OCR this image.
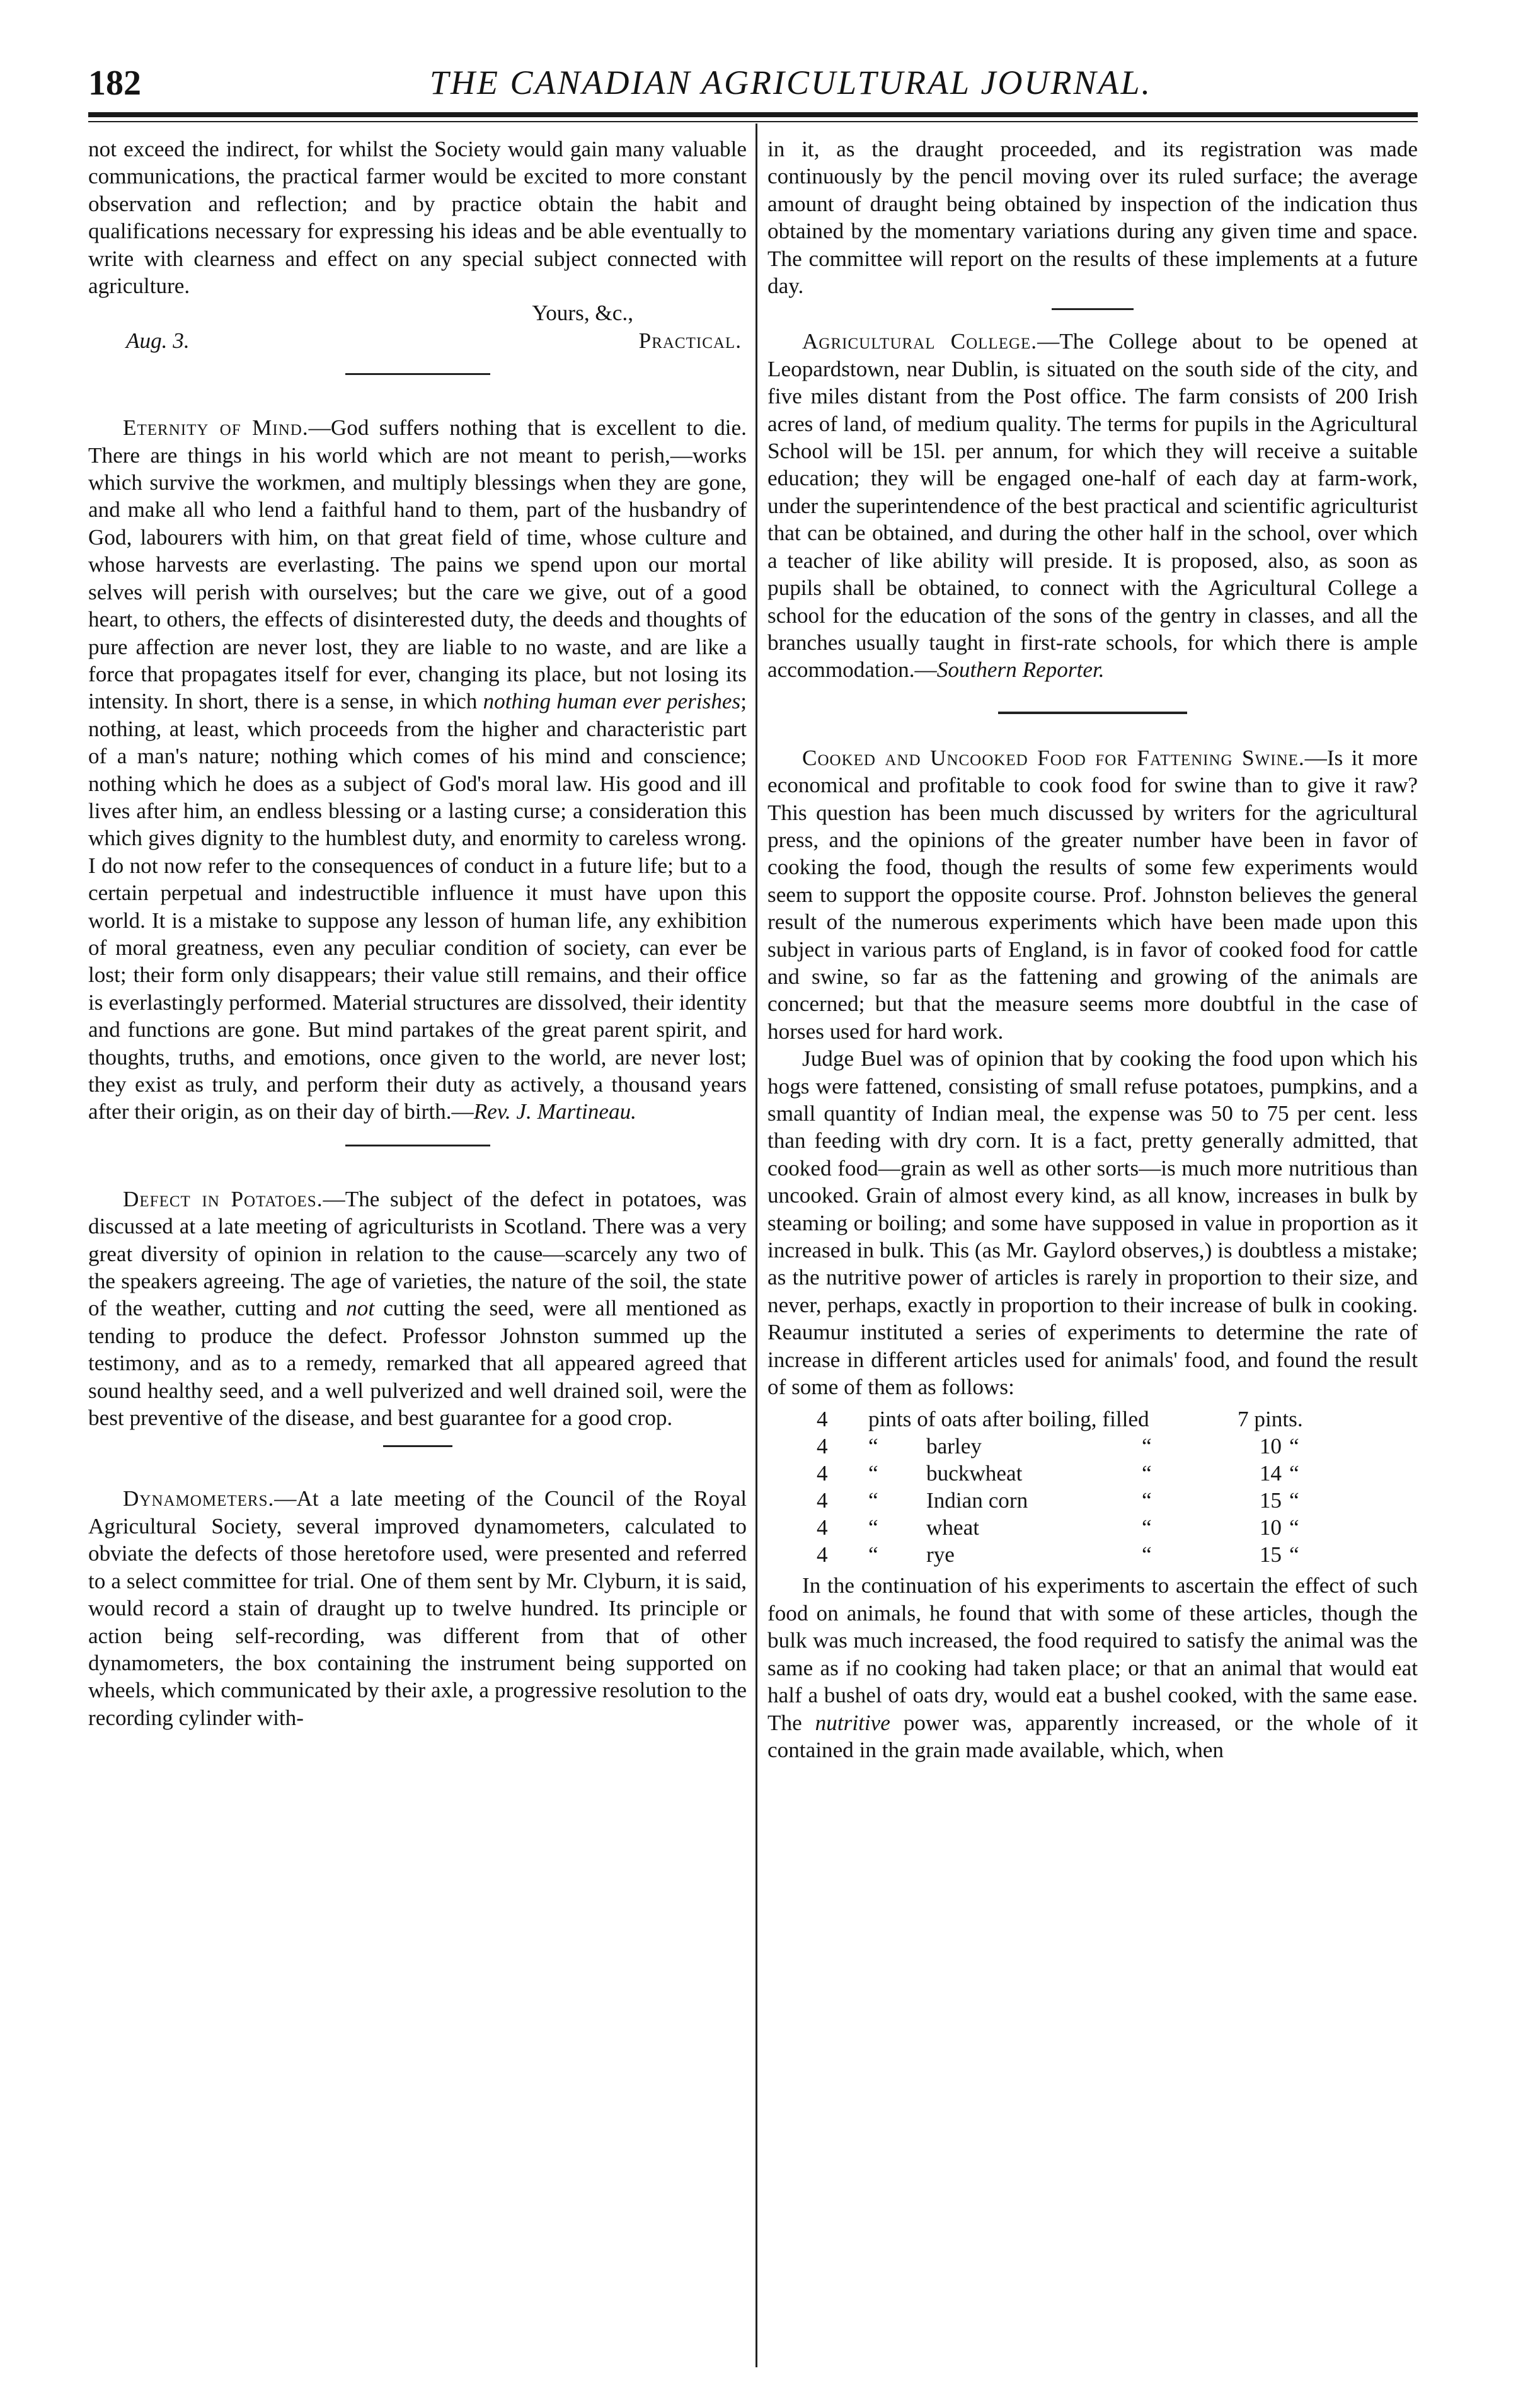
182	THE CANADIAN AGRICULTURAL JOURNAL.

not exceed the indirect, for whilst the Society would gain many valuable communications, the practical farmer would be excited to more constant observation and reflection; and by practice obtain the habit and qualifications necessary for expressing his ideas and be able eventually to write with clearness and effect on any special subject connected with agriculture.

Yours, &c.,
Aug. 3.	Practical.

Eternity of Mind.—God suffers nothing that is excellent to die. There are things in his world which are not meant to perish,—works which survive the workmen, and multiply blessings when they are gone, and make all who lend a faithful hand to them, part of the husbandry of God, labourers with him, on that great field of time, whose culture and whose harvests are everlasting. The pains we spend upon our mortal selves will perish with ourselves; but the care we give, out of a good heart, to others, the effects of disinterested duty, the deeds and thoughts of pure affection are never lost, they are liable to no waste, and are like a force that propagates itself for ever, changing its place, but not losing its intensity. In short, there is a sense, in which nothing human ever perishes; nothing, at least, which proceeds from the higher and characteristic part of a man's nature; nothing which comes of his mind and conscience; nothing which he does as a subject of God's moral law. His good and ill lives after him, an endless blessing or a lasting curse; a consideration this which gives dignity to the humblest duty, and enormity to careless wrong. I do not now refer to the consequences of conduct in a future life; but to a certain perpetual and indestructible influence it must have upon this world. It is a mistake to suppose any lesson of human life, any exhibition of moral greatness, even any peculiar condition of society, can ever be lost; their form only disappears; their value still remains, and their office is everlastingly performed. Material structures are dissolved, their identity and functions are gone. But mind partakes of the great parent spirit, and thoughts, truths, and emotions, once given to the world, are never lost; they exist as truly, and perform their duty as actively, a thousand years after their origin, as on their day of birth.—Rev. J. Martineau.

Defect in Potatoes.—The subject of the defect in potatoes, was discussed at a late meeting of agriculturists in Scotland. There was a very great diversity of opinion in relation to the cause—scarcely any two of the speakers agreeing. The age of varieties, the nature of the soil, the state of the weather, cutting and not cutting the seed, were all mentioned as tending to produce the defect. Professor Johnston summed up the testimony, and as to a remedy, remarked that all appeared agreed that sound healthy seed, and a well pulverized and well drained soil, were the best preventive of the disease, and best guarantee for a good crop.

Dynamometers.—At a late meeting of the Council of the Royal Agricultural Society, several improved dynamometers, calculated to obviate the defects of those heretofore used, were presented and referred to a select committee for trial. One of them sent by Mr. Clyburn, it is said, would record a stain of draught up to twelve hundred. Its principle or action being self-recording, was different from that of other dynamometers, the box containing the instrument being supported on wheels, which communicated by their axle, a progressive resolution to the recording cylinder with-

in it, as the draught proceeded, and its registration was made continuously by the pencil moving over its ruled surface; the average amount of draught being obtained by inspection of the indication thus obtained by the momentary variations during any given time and space. The committee will report on the results of these implements at a future day.

Agricultural College.—The College about to be opened at Leopardstown, near Dublin, is situated on the south side of the city, and five miles distant from the Post office. The farm consists of 200 Irish acres of land, of medium quality. The terms for pupils in the Agricultural School will be 15l. per annum, for which they will receive a suitable education; they will be engaged one-half of each day at farm-work, under the superintendence of the best practical and scientific agriculturist that can be obtained, and during the other half in the school, over which a teacher of like ability will preside. It is proposed, also, as soon as pupils shall be obtained, to connect with the Agricultural College a school for the education of the sons of the gentry in classes, and all the branches usually taught in first-rate schools, for which there is ample accommodation.—Southern Reporter.

Cooked and Uncooked Food for Fattening Swine.—Is it more economical and profitable to cook food for swine than to give it raw? This question has been much discussed by writers for the agricultural press, and the opinions of the greater number have been in favor of cooking the food, though the results of some few experiments would seem to support the opposite course. Prof. Johnston believes the general result of the numerous experiments which have been made upon this subject in various parts of England, is in favor of cooked food for cattle and swine, so far as the fattening and growing of the animals are concerned; but that the measure seems more doubtful in the case of horses used for hard work.

Judge Buel was of opinion that by cooking the food upon which his hogs were fattened, consisting of small refuse potatoes, pumpkins, and a small quantity of Indian meal, the expense was 50 to 75 per cent. less than feeding with dry corn. It is a fact, pretty generally admitted, that cooked food—grain as well as other sorts—is much more nutritious than uncooked. Grain of almost every kind, as all know, increases in bulk by steaming or boiling; and some have supposed in value in proportion as it increased in bulk. This (as Mr. Gaylord observes,) is doubtless a mistake; as the nutritive power of articles is rarely in proportion to their size, and never, perhaps, exactly in proportion to their increase of bulk in cooking. Reaumur instituted a series of experiments to determine the rate of increase in different articles used for animals' food, and found the result of some of them as follows:

4	pints of oats after boiling, filled			7 pints.	
4	“	barley	“	10	“
4	“	buckwheat	“	14	“
4	“	Indian corn	“	15	“
4	“	wheat	“	10	“
4	“	rye	“	15	“

In the continuation of his experiments to ascertain the effect of such food on animals, he found that with some of these articles, though the bulk was much increased, the food required to satisfy the animal was the same as if no cooking had taken place; or that an animal that would eat half a bushel of oats dry, would eat a bushel cooked, with the same ease. The nutritive power was, apparently increased, or the whole of it contained in the grain made available, which, when
